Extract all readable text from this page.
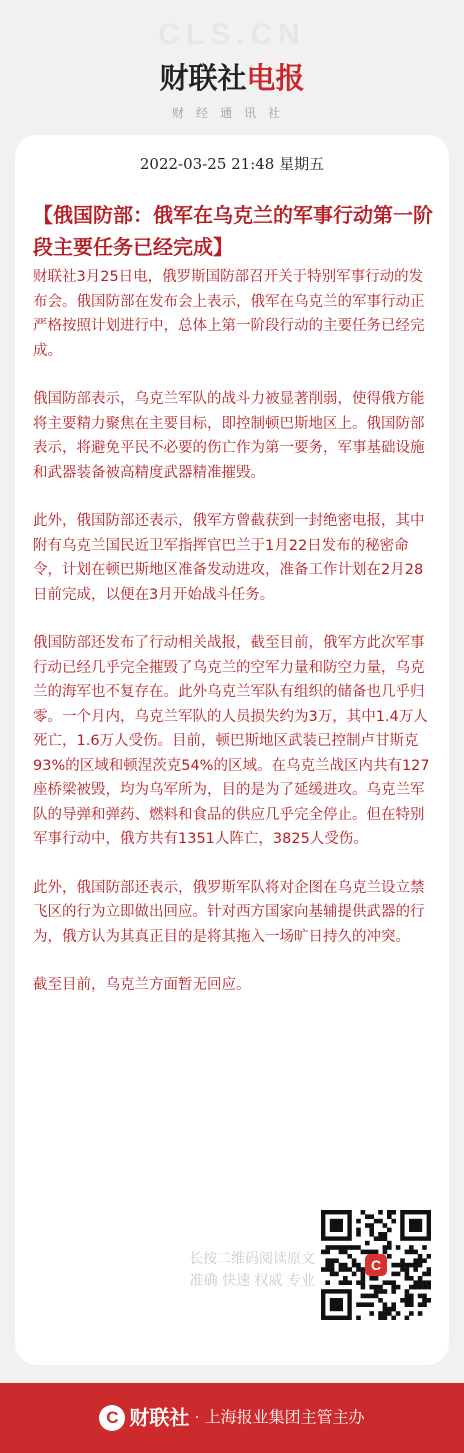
CLS.CN
财联社电报
财经通讯社
2022-03-25 21:48 星期五
【俄国防部：俄军在乌克兰的军事行动第一阶段主要任务已经完成】

财联社3月25日电，俄罗斯国防部召开关于特别军事行动的发布会。俄国防部在发布会上表示，俄军在乌克兰的军事行动正严格按照计划进行中，总体上第一阶段行动的主要任务已经完成。

俄国防部表示，乌克兰军队的战斗力被显著削弱，使得俄方能将主要精力聚焦在主要目标，即控制顿巴斯地区上。俄国防部表示，将避免平民不必要的伤亡作为第一要务，军事基础设施和武器装备被高精度武器精准摧毁。

此外，俄国防部还表示，俄军方曾截获到一封绝密电报，其中附有乌克兰国民近卫军指挥官巴兰于1月22日发布的秘密命令，计划在顿巴斯地区准备发动进攻，准备工作计划在2月28日前完成，以便在3月开始战斗任务。

俄国防部还发布了行动相关战报，截至目前，俄军方此次军事行动已经几乎完全摧毁了乌克兰的空军力量和防空力量，乌克兰的海军也不复存在。此外乌克兰军队有组织的储备也几乎归零。一个月内，乌克兰军队的人员损失约为3万，其中1.4万人死亡，1.6万人受伤。目前，顿巴斯地区武装已控制卢甘斯克93%的区域和顿涅茨克54%的区域。在乌克兰战区内共有127座桥梁被毁，均为乌军所为，目的是为了延缓进攻。乌克兰军队的导弹和弹药、燃料和食品的供应几乎完全停止。但在特别军事行动中，俄方共有1351人阵亡，3825人受伤。

此外，俄国防部还表示，俄罗斯军队将对企图在乌克兰设立禁飞区的行为立即做出回应。针对西方国家向基辅提供武器的行为，俄方认为其真正目的是将其拖入一场旷日持久的冲突。

截至目前，乌克兰方面暂无回应。

长按二维码阅读原文
准确 快速 权威 专业
C
C 财联社 · 上海报业集团主管主办
